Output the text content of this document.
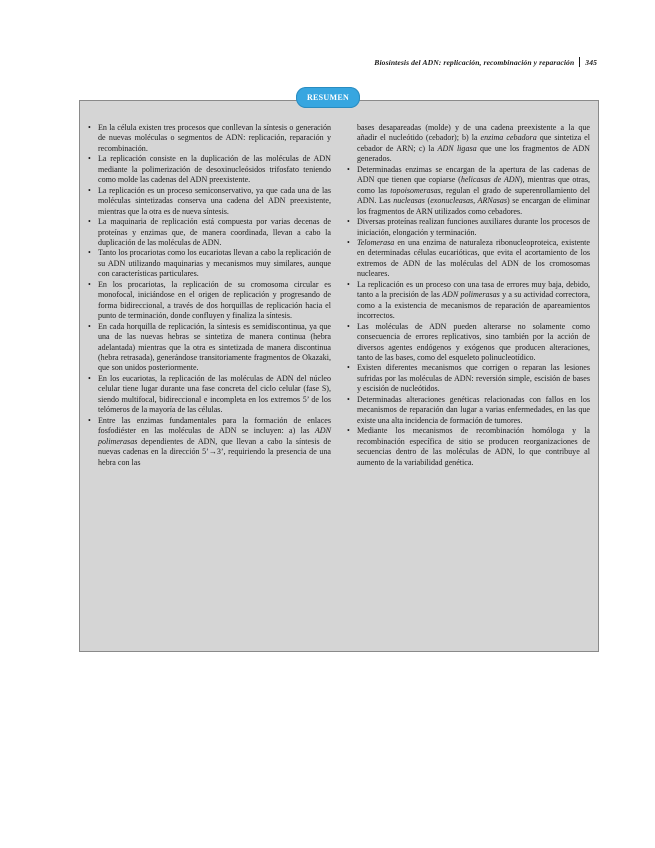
Biosíntesis del ADN: replicación, recombinación y reparación 345
RESUMEN
• En la célula existen tres procesos que conllevan la síntesis o generación de nuevas moléculas o segmentos de ADN: replicación, reparación y recombinación.
• La replicación consiste en la duplicación de las moléculas de ADN mediante la polimerización de desoxinucleósidos trifosfato teniendo como molde las cadenas del ADN preexistente.
• La replicación es un proceso semiconservativo, ya que cada una de las moléculas sintetizadas conserva una cadena del ADN preexistente, mientras que la otra es de nueva síntesis.
• La maquinaria de replicación está compuesta por varias decenas de proteínas y enzimas que, de manera coordinada, llevan a cabo la duplicación de las moléculas de ADN.
• Tanto los procariotas como los eucariotas llevan a cabo la replicación de su ADN utilizando maquinarias y mecanismos muy similares, aunque con características particulares.
• En los procariotas, la replicación de su cromosoma circular es monofocal, iniciándose en el origen de replicación y progresando de forma bidireccional, a través de dos horquillas de replicación hacia el punto de terminación, donde confluyen y finaliza la síntesis.
• En cada horquilla de replicación, la síntesis es semidiscontinua, ya que una de las nuevas hebras se sintetiza de manera continua (hebra adelantada) mientras que la otra es sintetizada de manera discontinua (hebra retrasada), generándose transitoriamente fragmentos de Okazaki, que son unidos posteriormente.
• En los eucariotas, la replicación de las moléculas de ADN del núcleo celular tiene lugar durante una fase concreta del ciclo celular (fase S), siendo multifocal, bidireccional e incompleta en los extremos 5’ de los telómeros de la mayoría de las células.
• Entre las enzimas fundamentales para la formación de enlaces fosfodiéster en las moléculas de ADN se incluyen: a) las ADN polimerasas dependientes de ADN, que llevan a cabo la síntesis de nuevas cadenas en la dirección 5’→3’, requiriendo la presencia de una hebra con las
bases desapareadas (molde) y de una cadena preexistente a la que añadir el nucleótido (cebador); b) la enzima cebadora que sintetiza el cebador de ARN; c) la ADN ligasa que une los fragmentos de ADN generados.
• Determinadas enzimas se encargan de la apertura de las cadenas de ADN que tienen que copiarse (helicasas de ADN), mientras que otras, como las topoisomerasas, regulan el grado de superenrollamiento del ADN. Las nucleasas (exonucleasas, ARNasas) se encargan de eliminar los fragmentos de ARN utilizados como cebadores.
• Diversas proteínas realizan funciones auxiliares durante los procesos de iniciación, elongación y terminación.
• Telomerasa en una enzima de naturaleza ribonucleoproteica, existente en determinadas células eucarióticas, que evita el acortamiento de los extremos de ADN de las moléculas del ADN de los cromosomas nucleares.
• La replicación es un proceso con una tasa de errores muy baja, debido, tanto a la precisión de las ADN polimerasas y a su actividad correctora, como a la existencia de mecanismos de reparación de apareamientos incorrectos.
• Las moléculas de ADN pueden alterarse no solamente como consecuencia de errores replicativos, sino también por la acción de diversos agentes endógenos y exógenos que producen alteraciones, tanto de las bases, como del esqueleto polinucleotídico.
• Existen diferentes mecanismos que corrigen o reparan las lesiones sufridas por las moléculas de ADN: reversión simple, escisión de bases y escisión de nucleótidos.
• Determinadas alteraciones genéticas relacionadas con fallos en los mecanismos de reparación dan lugar a varias enfermedades, en las que existe una alta incidencia de formación de tumores.
• Mediante los mecanismos de recombinación homóloga y la recombinación específica de sitio se producen reorganizaciones de secuencias dentro de las moléculas de ADN, lo que contribuye al aumento de la variabilidad genética.
